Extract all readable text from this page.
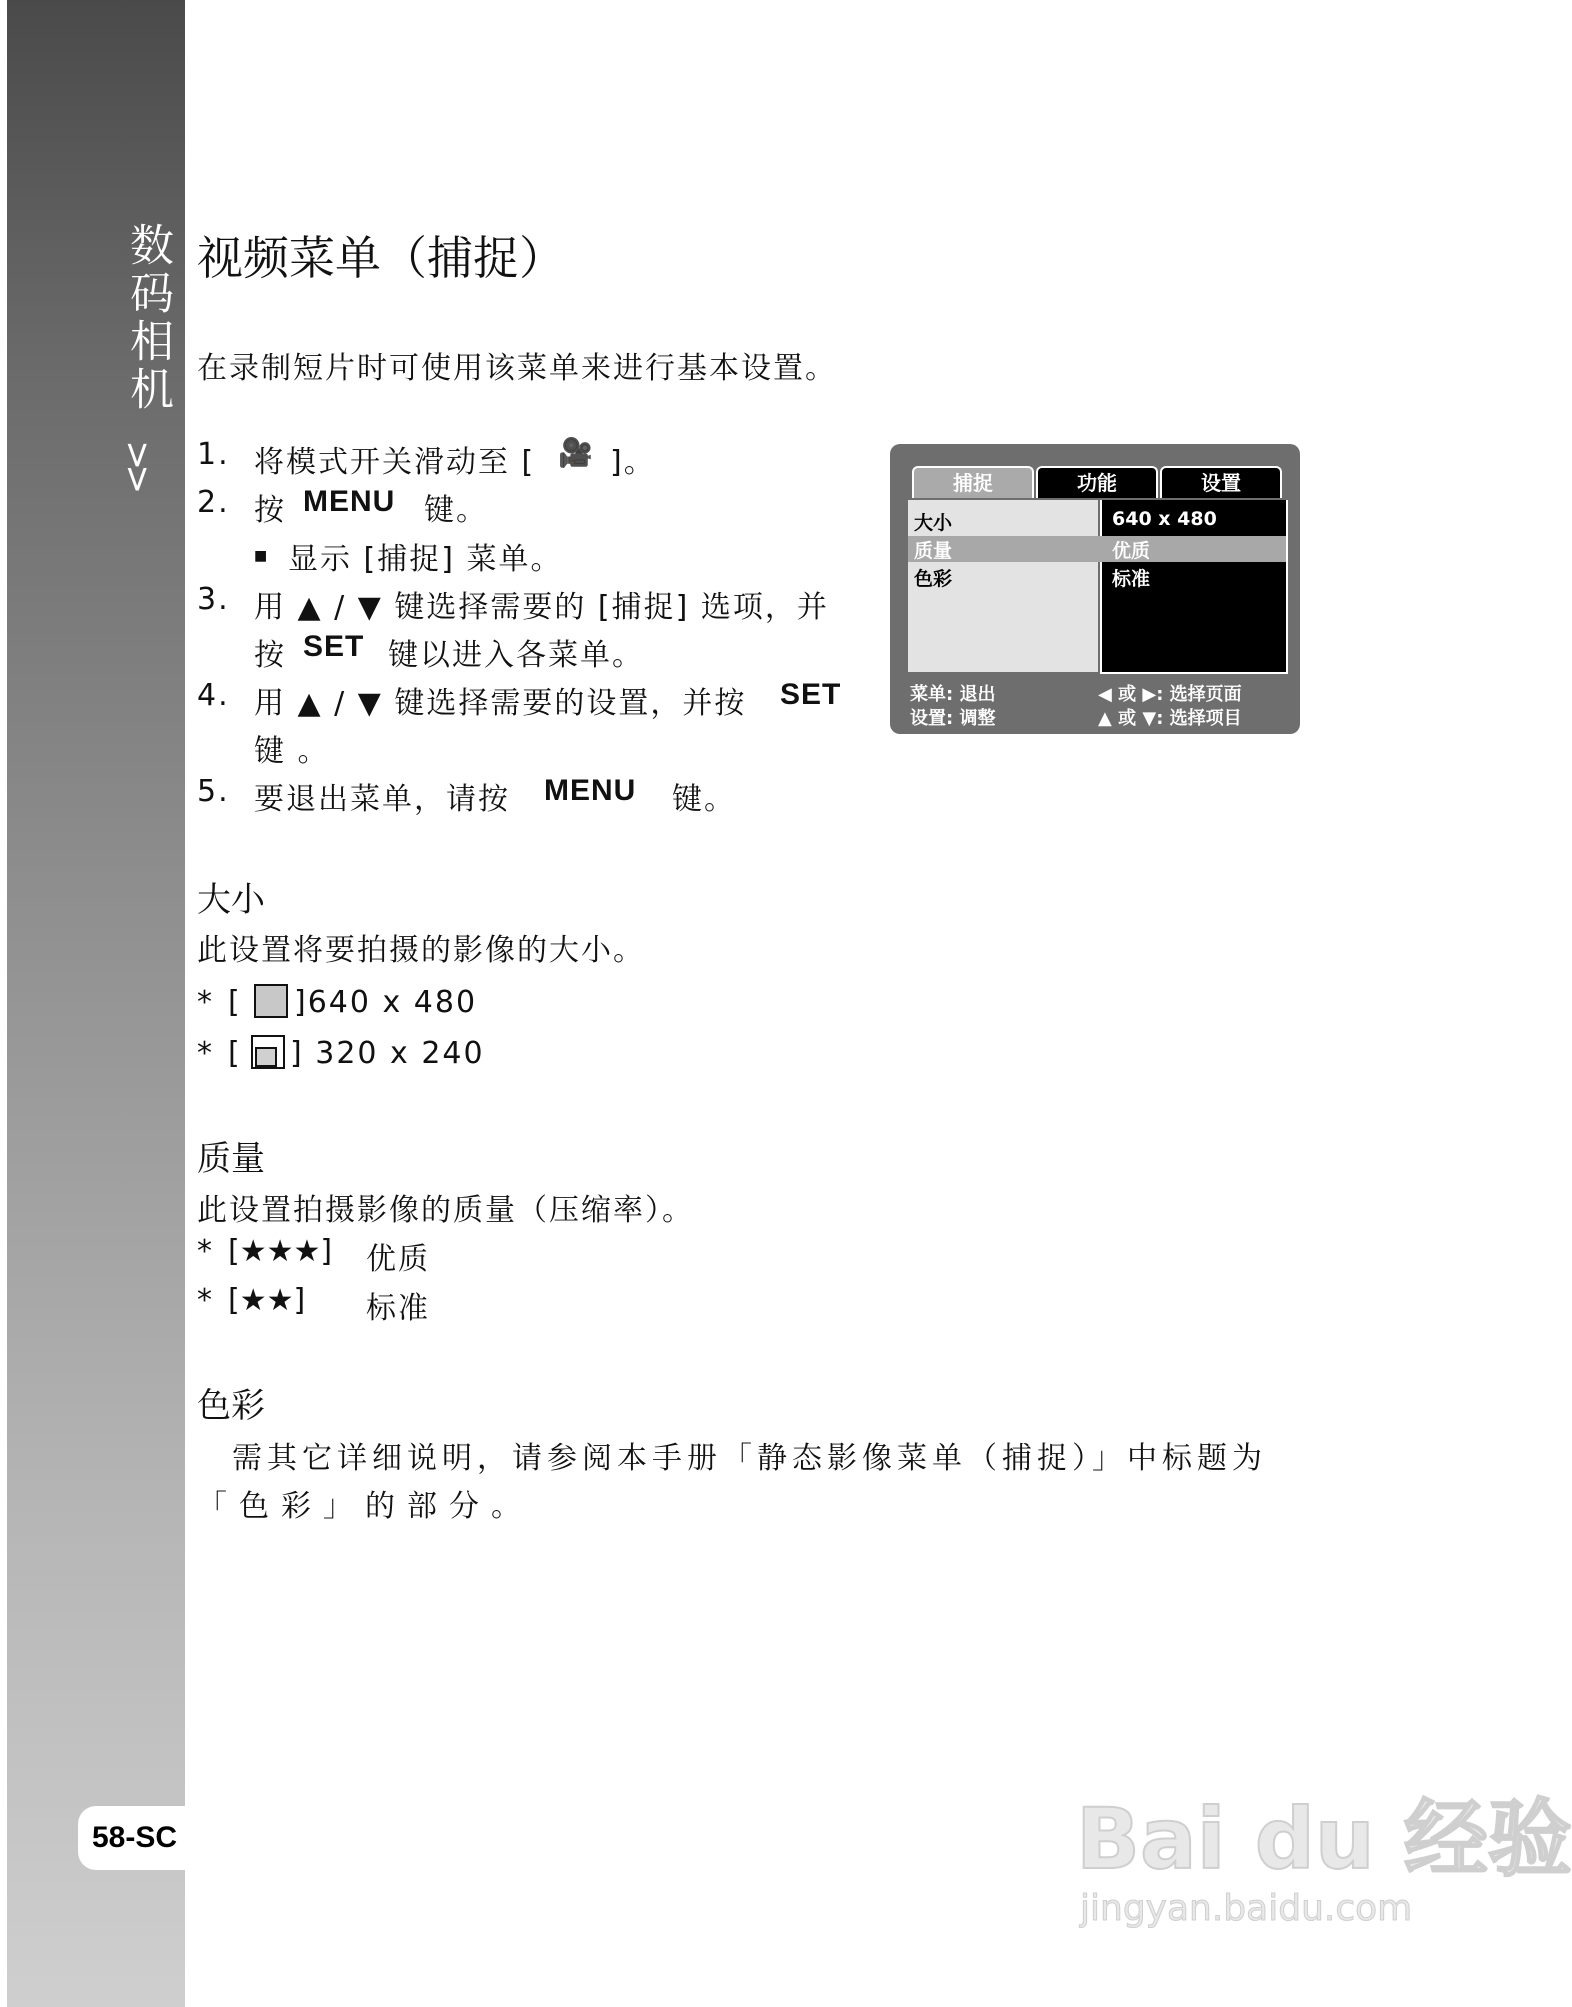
数码相机
>>
58-SC
视频菜单（捕捉）
在录制短片时可使用该菜单来进行基本设置。
1. 将模式开关滑动至 [ 🎥 ]。
2. 按 MENU 键。
■ 显示 [捕捉] 菜单。
3. 用 ▲ / ▼ 键选择需要的 [捕捉] 选项，并
按 SET 键以进入各菜单。
4. 用 ▲ / ▼ 键选择需要的设置，并按 SET
键 。
5. 要退出菜单，请按 MENU 键。
捕捉	功能	设置
大小
质量
色彩
640 x 480
优质
标准
菜单: 退出
设置: 调整
◀ 或 ▶: 选择页面
▲ 或 ▼: 选择项目
大小
此设置将要拍摄的影像的大小。
* [ ]640 x 480
* [ ] 320 x 240
质量
此设置拍摄影像的质量（压缩率）。
* [★★★] 优质
* [★★] 标准
色彩
需其它详细说明，请参阅本手册「静态影像菜单（捕捉）」中标题为
「色彩」的部分。
Bai du 经验
jingyan.baidu.com
